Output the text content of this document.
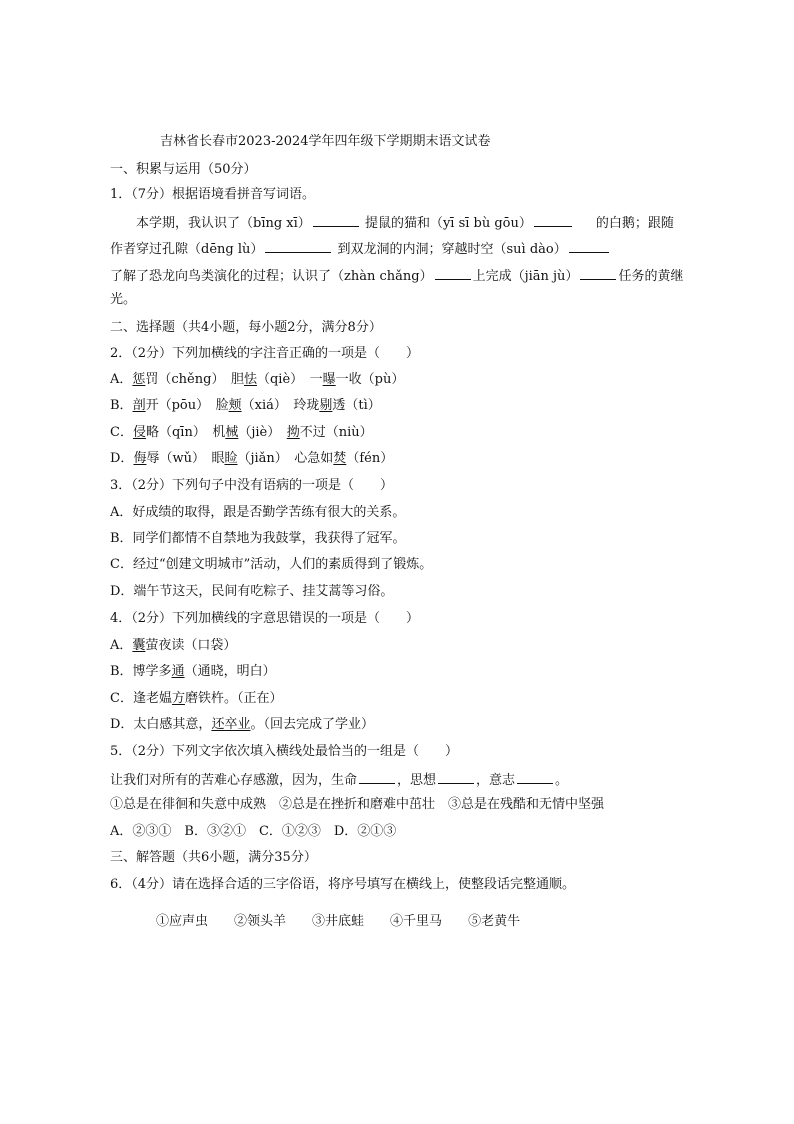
吉林省长春市2023-2024学年四年级下学期期末语文试卷
一、积累与运用（50分）
1．（7分）根据语境看拼音写词语。
本学期，我认识了（bīng xī）	提鼠的猫和（yī sī bù gōu）	的白鹅；跟随
作者穿过孔隙（dēng lù）	到双龙洞的内洞；穿越时空（suì dào）
了解了恐龙向鸟类演化的过程；认识了（zhàn chǎng）	上完成（jiān jù）	任务的黄继
光。
二、选择题（共4小题，每小题2分，满分8分）
2．（2分）下列加横线的字注音正确的一项是（　　）
A．惩罚（chěng）　胆怯（qiè）　一曝一收（pù）
B．剖开（pōu）　脸颊（xiá）　玲珑剔透（tì）
C．侵略（qīn）　机械（jiè）　拗不过（niù）
D．侮辱（wǔ）　眼睑（jiǎn）　心急如焚（fén）
3．（2分）下列句子中没有语病的一项是（　　）
A．好成绩的取得，跟是否勤学苦练有很大的关系。
B．同学们都情不自禁地为我鼓掌，我获得了冠军。
C．经过“创建文明城市”活动，人们的素质得到了锻炼。
D．端午节这天，民间有吃粽子、挂艾蒿等习俗。
4．（2分）下列加横线的字意思错误的一项是（　　）
A．囊萤夜读（口袋）
B．博学多通（通晓，明白）
C．逢老媪方磨铁杵。（正在）
D．太白感其意，还卒业。（回去完成了学业）
5．（2分）下列文字依次填入横线处最恰当的一组是（　　）
让我们对所有的苦难心存感激，因为，生命	，思想	，意志	。
①总是在徘徊和失意中成熟　②总是在挫折和磨难中茁壮　③总是在残酷和无情中坚强
A．②③①　B．③②①　C．①②③　D．②①③
三、解答题（共6小题，满分35分）
6．（4分）请在选择合适的三字俗语，将序号填写在横线上，使整段话完整通顺。
①应声虫 ②领头羊 ③井底蛙 ④千里马 ⑤老黄牛
